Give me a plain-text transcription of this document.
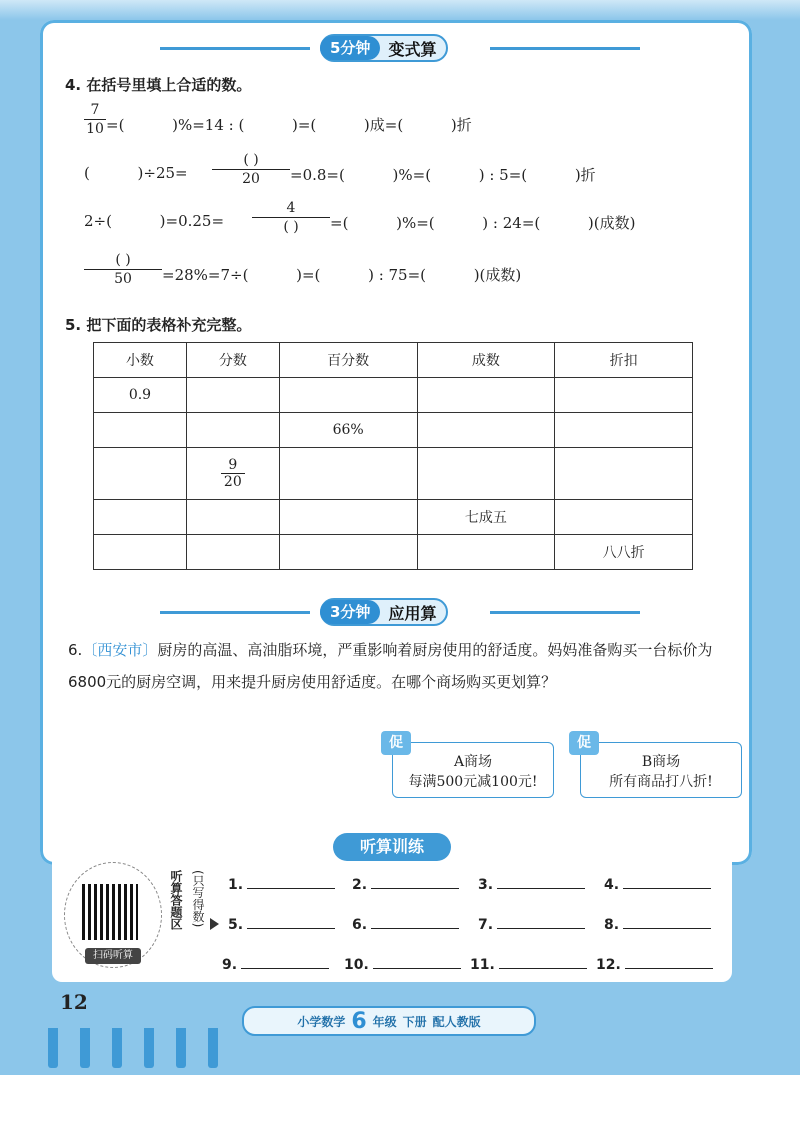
5分钟	变式算
4. 在括号里填上合适的数。
7
10 =(          )%=14 : (          )=(          )成=(          )折
(          )÷25=
( )
20	=0.8=(          )%=(          ) : 5=(          )折
2÷(          )=0.25=
4
( )	=(          )%=(          ) : 24=(          )(成数)
( )
50	=28%=7÷(          )=(          ) : 75=(          )(成数)
5. 把下面的表格补充完整。
小数	分数	百分数	成数	折扣
0.9				
		66%		

	9
20			

			七成五	
				八八折
3分钟	应用算
6.〔西安市〕厨房的高温、高油脂环境，严重影响着厨房使用的舒适度。妈妈准备购买一台标价为6800元的厨房空调，用来提升厨房使用舒适度。在哪个商场购买更划算？
促
A商场
每满500元减100元!
促
B商场
所有商品打八折!
听算训练
扫码听算
听算答题区 (只写得数) 1.	2.	3.	4.
5.	6.	7.	8.
9.	10.	11.	12.
12
小学数学 6 年级 下册 配人教版
